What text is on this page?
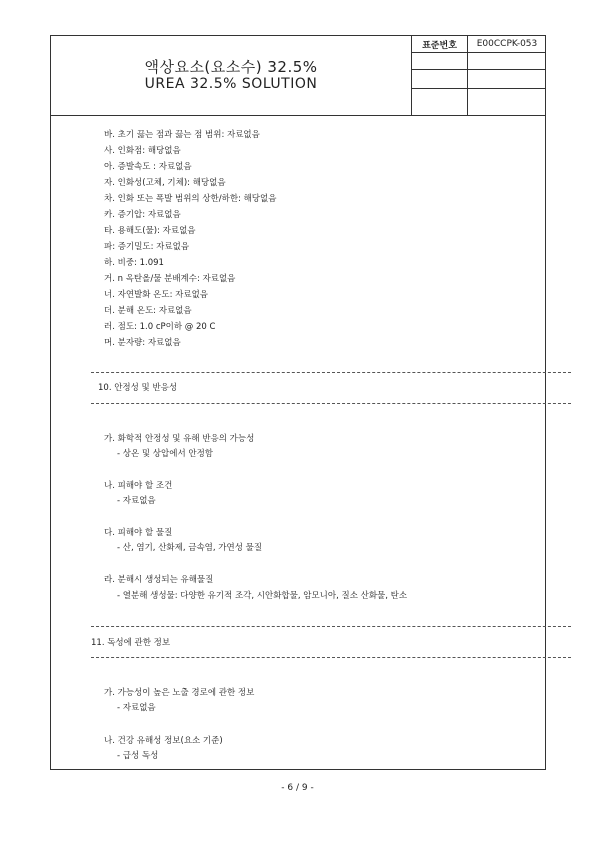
액상요소(요소수) 32.5%
UREA 32.5% SOLUTION
표준번호	E00CCPK-053
바. 초기 끓는 점과 끓는 점 범위: 자료없음
사. 인화점: 해당없음
아. 증발속도 : 자료없음
자. 인화성(고체, 기체): 해당없음
차. 인화 또는 폭발 범위의 상한/하한: 해당없음
카. 증기압: 자료없음
타. 용해도(물): 자료없음
파: 증기밀도: 자료없음
하. 비중: 1.091
거. n 옥탄올/물 분배계수: 자료없음
너. 자연발화 온도: 자료없음
더. 분해 온도: 자료없음
러. 점도: 1.0 cP이하 @ 20 C
머. 분자량: 자료없음
10. 안정성 및 반응성
가. 화학적 안정성 및 유해 반응의 가능성
- 상온 및 상압에서 안정함
나. 피해야 할 조건
- 자료없음
다. 피해야 할 물질
- 산, 염기, 산화제, 금속염, 가연성 물질
라. 분해시 생성되는 유해물질
- 열분해 생성물: 다양한 유기적 조각, 시안화합물, 암모니아, 질소 산화물, 탄소
11. 독성에 관한 정보
가. 가능성이 높은 노출 경로에 관한 정보
- 자료없음
나. 건강 유해성 정보(요소 기준)
- 급성 독성
- 6 / 9 -
